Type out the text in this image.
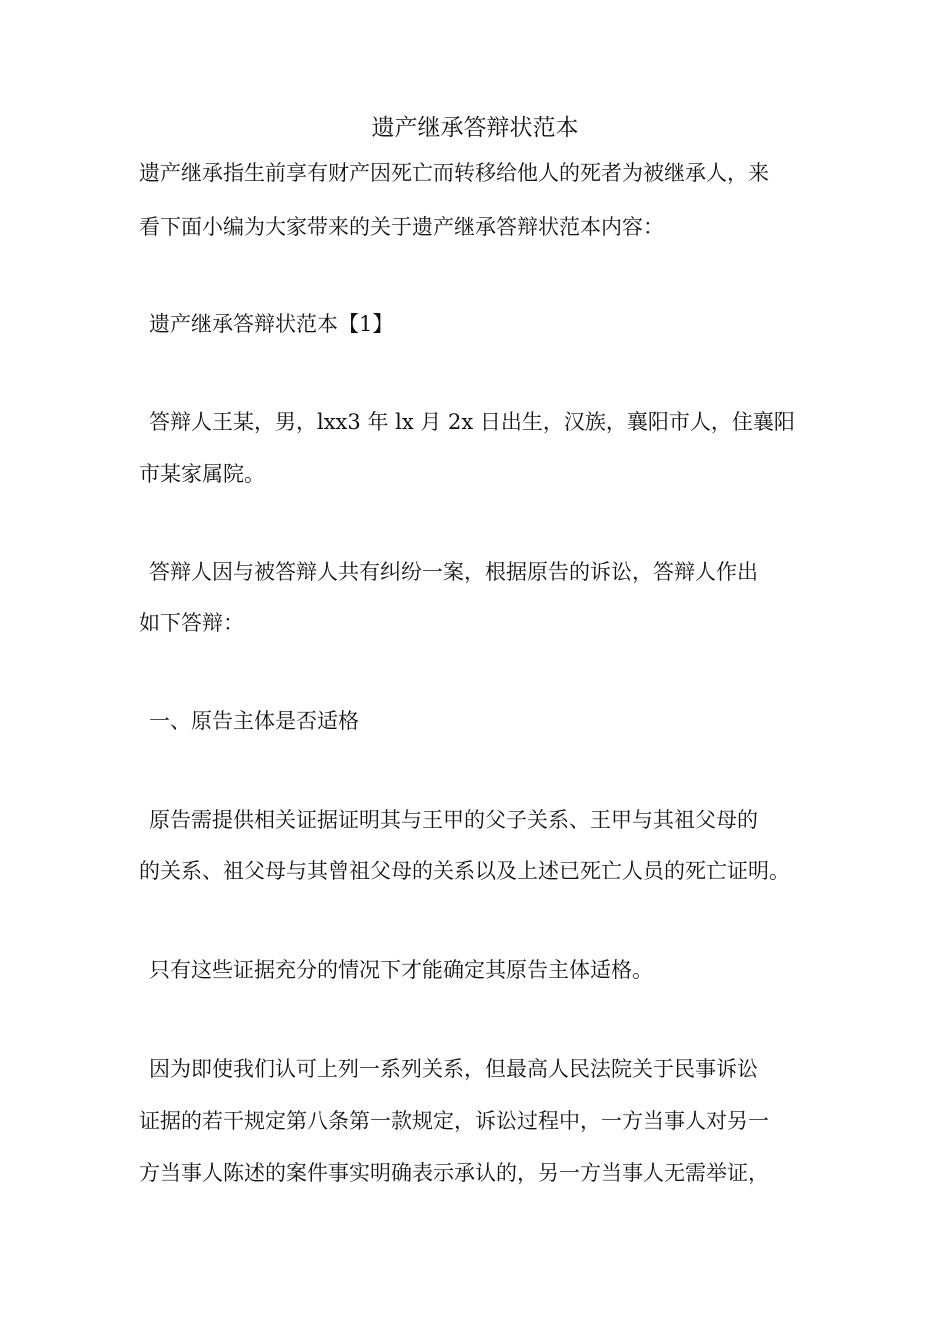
遗产继承答辩状范本
遗产继承指生前享有财产因死亡而转移给他人的死者为被继承人，来
看下面小编为大家带来的关于遗产继承答辩状范本内容：
遗产继承答辩状范本【1】
答辩人王某，男，lxx3 年 lx 月 2x 日出生，汉族，襄阳市人，住襄阳
市某家属院。
答辩人因与被答辩人共有纠纷一案，根据原告的诉讼，答辩人作出
如下答辩：
一、原告主体是否适格
原告需提供相关证据证明其与王甲的父子关系、王甲与其祖父母的
的关系、祖父母与其曾祖父母的关系以及上述已死亡人员的死亡证明。
只有这些证据充分的情况下才能确定其原告主体适格。
因为即使我们认可上列一系列关系，但最高人民法院关于民事诉讼
证据的若干规定第八条第一款规定，诉讼过程中，一方当事人对另一
方当事人陈述的案件事实明确表示承认的，另一方当事人无需举证，
